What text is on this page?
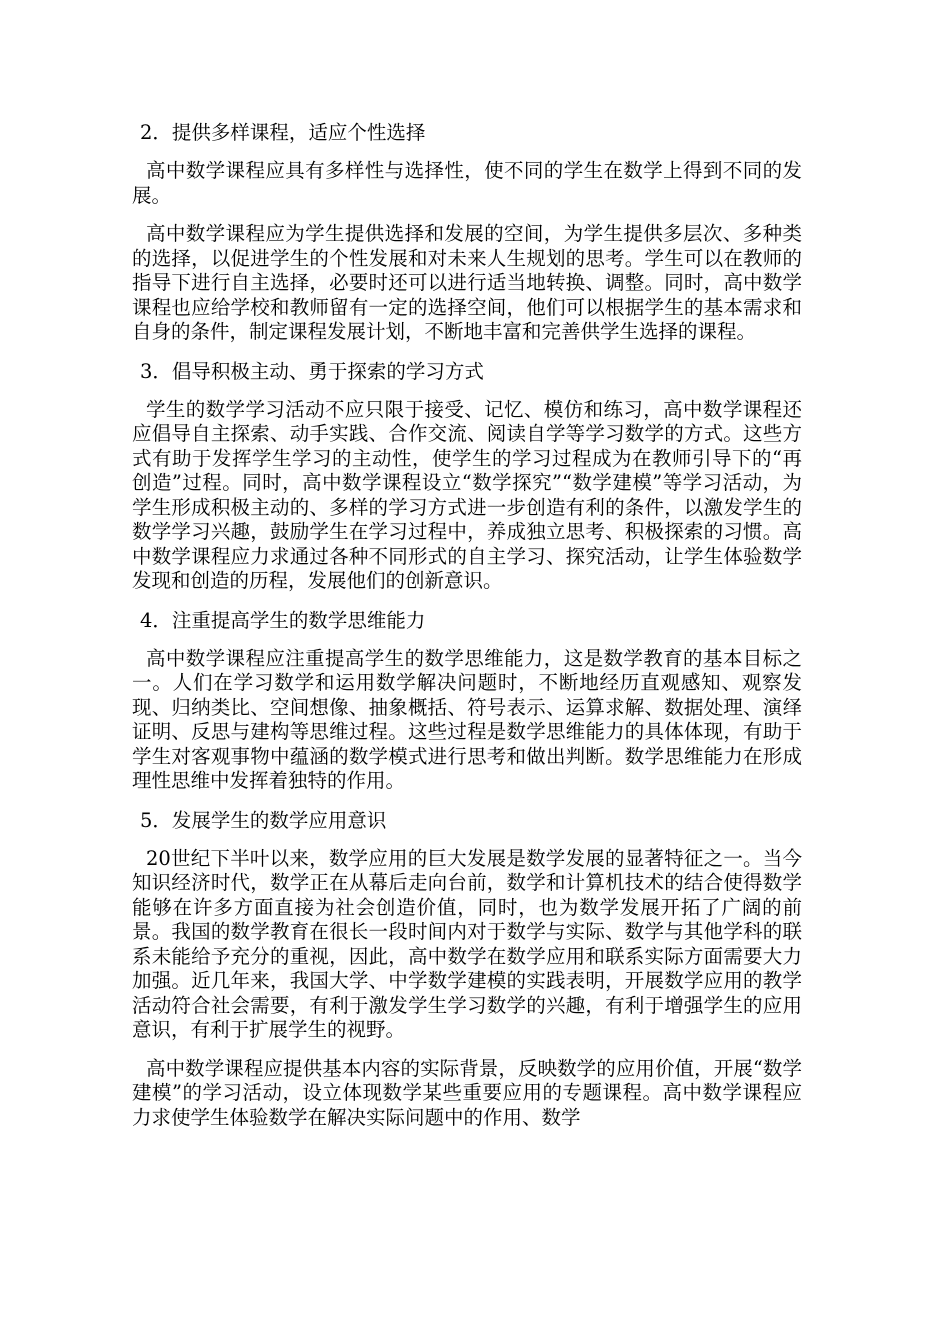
2．提供多样课程，适应个性选择

高中数学课程应具有多样性与选择性，使不同的学生在数学上得到不同的发展。

高中数学课程应为学生提供选择和发展的空间，为学生提供多层次、多种类的选择，以促进学生的个性发展和对未来人生规划的思考。学生可以在教师的指导下进行自主选择，必要时还可以进行适当地转换、调整。同时，高中数学课程也应给学校和教师留有一定的选择空间，他们可以根据学生的基本需求和自身的条件，制定课程发展计划，不断地丰富和完善供学生选择的课程。

3．倡导积极主动、勇于探索的学习方式

学生的数学学习活动不应只限于接受、记忆、模仿和练习，高中数学课程还应倡导自主探索、动手实践、合作交流、阅读自学等学习数学的方式。这些方式有助于发挥学生学习的主动性，使学生的学习过程成为在教师引导下的“再创造”过程。同时，高中数学课程设立“数学探究”“数学建模”等学习活动，为学生形成积极主动的、多样的学习方式进一步创造有利的条件，以激发学生的数学学习兴趣，鼓励学生在学习过程中，养成独立思考、积极探索的习惯。高中数学课程应力求通过各种不同形式的自主学习、探究活动，让学生体验数学发现和创造的历程，发展他们的创新意识。

4．注重提高学生的数学思维能力

高中数学课程应注重提高学生的数学思维能力，这是数学教育的基本目标之一。人们在学习数学和运用数学解决问题时，不断地经历直观感知、观察发现、归纳类比、空间想像、抽象概括、符号表示、运算求解、数据处理、演绎证明、反思与建构等思维过程。这些过程是数学思维能力的具体体现，有助于学生对客观事物中蕴涵的数学模式进行思考和做出判断。数学思维能力在形成理性思维中发挥着独特的作用。

5．发展学生的数学应用意识

20世纪下半叶以来，数学应用的巨大发展是数学发展的显著特征之一。当今知识经济时代，数学正在从幕后走向台前，数学和计算机技术的结合使得数学能够在许多方面直接为社会创造价值，同时，也为数学发展开拓了广阔的前景。我国的数学教育在很长一段时间内对于数学与实际、数学与其他学科的联系未能给予充分的重视，因此，高中数学在数学应用和联系实际方面需要大力加强。近几年来，我国大学、中学数学建模的实践表明，开展数学应用的教学活动符合社会需要，有利于激发学生学习数学的兴趣，有利于增强学生的应用意识，有利于扩展学生的视野。

高中数学课程应提供基本内容的实际背景，反映数学的应用价值，开展“数学建模”的学习活动，设立体现数学某些重要应用的专题课程。高中数学课程应力求使学生体验数学在解决实际问题中的作用、数学
